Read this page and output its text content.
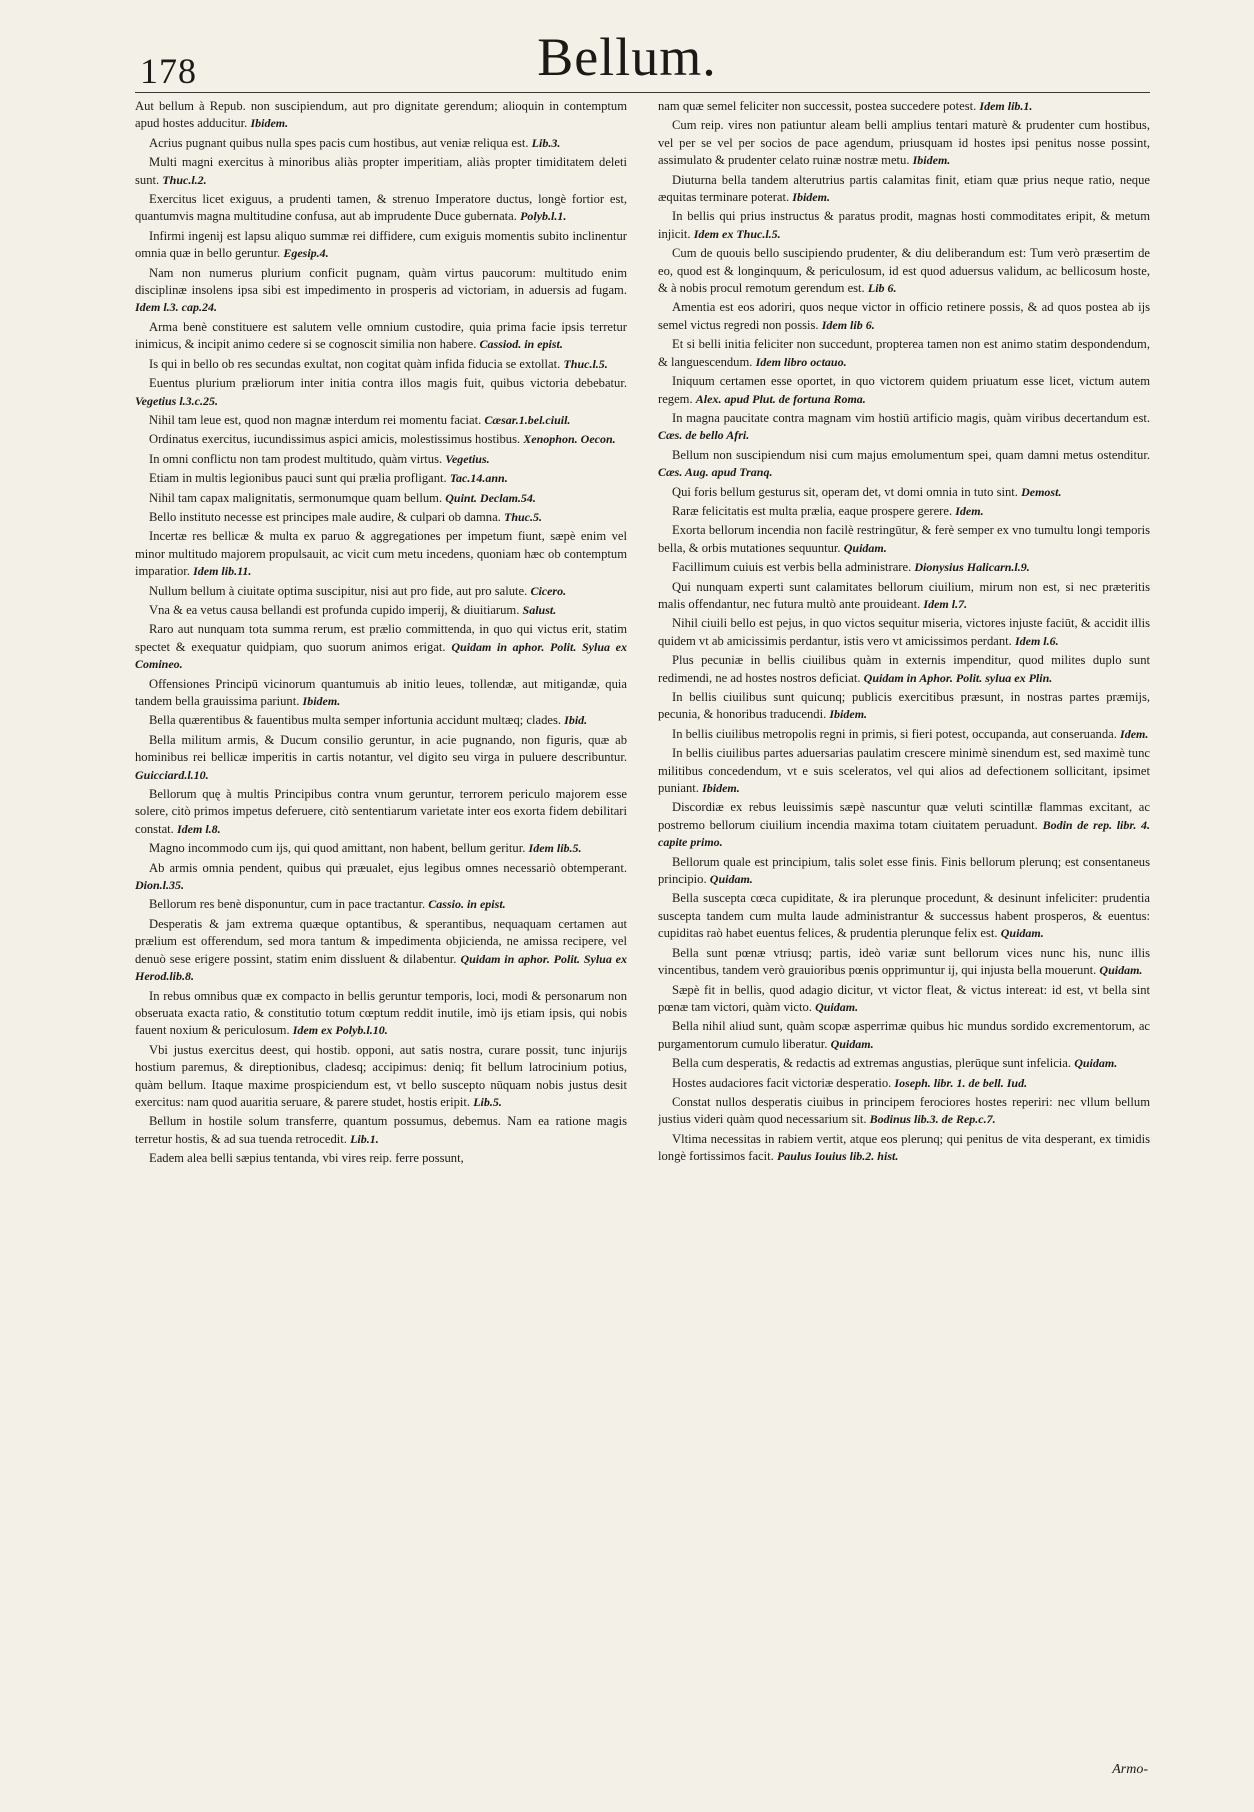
178	Bellum.

Aut bellum à Repub. non suscipiendum, aut pro dignitate gerendum; alioquin in contemptum apud hostes adducitur. Ibidem.

Acrius pugnant quibus nulla spes pacis cum hostibus, aut veniæ reliqua est. Lib.3.

Multi magni exercitus à minoribus aliàs propter imperitiam, aliàs propter timiditatem deleti sunt. Thuc.l.2.

Exercitus licet exiguus, a prudenti tamen, & strenuo Imperatore ductus, longè fortior est, quantumvis magna multitudine confusa, aut ab imprudente Duce gubernata. Polyb.l.1.

Infirmi ingenij est lapsu aliquo summæ rei diffidere, cum exiguis momentis subito inclinentur omnia quæ in bello geruntur. Egesip.4.

Nam non numerus plurium conficit pugnam, quàm virtus paucorum: multitudo enim disciplinæ insolens ipsa sibi est impedimento in prosperis ad victoriam, in aduersis ad fugam. Idem l.3. cap.24.

Arma benè constituere est salutem velle omnium custodire, quia prima facie ipsis terretur inimicus, & incipit animo cedere si se cognoscit similia non habere. Cassiod. in epist.

Is qui in bello ob res secundas exultat, non cogitat quàm infida fiducia se extollat. Thuc.l.5.

Euentus plurium præliorum inter initia contra illos magis fuit, quibus victoria debebatur. Vegetius l.3.c.25.

Nihil tam leue est, quod non magnæ interdum rei momentu faciat. Cæsar.1.bel.ciuil.

Ordinatus exercitus, iucundissimus aspici amicis, molestissimus hostibus. Xenophon. Oecon.

In omni conflictu non tam prodest multitudo, quàm virtus. Vegetius.

Etiam in multis legionibus pauci sunt qui prælia profligant. Tac.14.ann.

Nihil tam capax malignitatis, sermonumque quam bellum. Quint. Declam.54.

Bello instituto necesse est principes male audire, & culpari ob damna. Thuc.5.

Incertæ res bellicæ & multa ex paruo & aggregationes per impetum fiunt, sæpè enim vel minor multitudo majorem propulsauit, ac vicit cum metu incedens, quoniam hæc ob contemptum imparatior. Idem lib.11.

Nullum bellum à ciuitate optima suscipitur, nisi aut pro fide, aut pro salute. Cicero.

Vna & ea vetus causa bellandi est profunda cupido imperij, & diuitiarum. Salust.

Raro aut nunquam tota summa rerum, est prælio committenda, in quo qui victus erit, statim spectet & exequatur quidpiam, quo suorum animos erigat. Quidam in aphor. Polit. Sylua ex Comineo.

Offensiones Principū vicinorum quantumuis ab initio leues, tollendæ, aut mitigandæ, quia tandem bella grauissima pariunt. Ibidem.

Bella quærentibus & fauentibus multa semper infortunia accidunt multæq; clades. Ibid.

Bella militum armis, & Ducum consilio geruntur, in acie pugnando, non figuris, quæ ab hominibus rei bellicæ imperitis in cartis notantur, vel digito seu virga in puluere describuntur. Guicciard.l.10.

Bellorum quę à multis Principibus contra vnum geruntur, terrorem periculo majorem esse solere, citò primos impetus deferuere, citò sententiarum varietate inter eos exorta fidem debilitari constat. Idem l.8.

Magno incommodo cum ijs, qui quod amittant, non habent, bellum geritur. Idem lib.5.

Ab armis omnia pendent, quibus qui præualet, ejus legibus omnes necessariò obtemperant. Dion.l.35.

Bellorum res benè disponuntur, cum in pace tractantur. Cassio. in epist.

Desperatis & jam extrema quæque optantibus, & sperantibus, nequaquam certamen aut prælium est offerendum, sed mora tantum & impedimenta objicienda, ne amissa recipere, vel denuò sese erigere possint, statim enim dissluent & dilabentur. Quidam in aphor. Polit. Sylua ex Herod.lib.8.

In rebus omnibus quæ ex compacto in bellis geruntur temporis, loci, modi & personarum non obseruata exacta ratio, & constitutio totum cœptum reddit inutile, imò ijs etiam ipsis, qui nobis fauent noxium & periculosum. Idem ex Polyb.l.10.

Vbi justus exercitus deest, qui hostib. opponi, aut satis nostra, curare possit, tunc injurijs hostium paremus, & direptionibus, cladesq; accipimus: deniq; fit bellum latrocinium potius, quàm bellum. Itaque maxime prospiciendum est, vt bello suscepto nūquam nobis justus desit exercitus: nam quod auaritia seruare, & parere studet, hostis eripit. Lib.5.

Bellum in hostile solum transferre, quantum possumus, debemus. Nam ea ratione magis terretur hostis, & ad sua tuenda retrocedit. Lib.1.

Eadem alea belli sæpius tentanda, vbi vires reip. ferre possunt,

nam quæ semel feliciter non successit, postea succedere potest. Idem lib.1.

Cum reip. vires non patiuntur aleam belli amplius tentari maturè & prudenter cum hostibus, vel per se vel per socios de pace agendum, priusquam id hostes ipsi penitus nosse possint, assimulato & prudenter celato ruinæ nostræ metu. Ibidem.

Diuturna bella tandem alterutrius partis calamitas finit, etiam quæ prius neque ratio, neque æquitas terminare poterat. Ibidem.

In bellis qui prius instructus & paratus prodit, magnas hosti commoditates eripit, & metum injicit. Idem ex Thuc.l.5.

Cum de quouis bello suscipiendo prudenter, & diu deliberandum est: Tum verò præsertim de eo, quod est & longinquum, & periculosum, id est quod aduersus validum, ac bellicosum hoste, & à nobis procul remotum gerendum est. Lib 6.

Amentia est eos adoriri, quos neque victor in officio retinere possis, & ad quos postea ab ijs semel victus regredi non possis. Idem lib 6.

Et si belli initia feliciter non succedunt, propterea tamen non est animo statim despondendum, & languescendum. Idem libro octauo.

Iniquum certamen esse oportet, in quo victorem quidem priuatum esse licet, victum autem regem. Alex. apud Plut. de fortuna Roma.

In magna paucitate contra magnam vim hostiū artificio magis, quàm viribus decertandum est. Cæs. de bello Afri.

Bellum non suscipiendum nisi cum majus emolumentum spei, quam damni metus ostenditur. Cæs. Aug. apud Tranq.

Qui foris bellum gesturus sit, operam det, vt domi omnia in tuto sint. Demost.

Raræ felicitatis est multa prælia, eaque prospere gerere. Idem.

Exorta bellorum incendia non facilè restringūtur, & ferè semper ex vno tumultu longi temporis bella, & orbis mutationes sequuntur. Quidam.

Facillimum cuiuis est verbis bella administrare. Dionysius Halicarn.l.9.

Qui nunquam experti sunt calamitates bellorum ciuilium, mirum non est, si nec præteritis malis offendantur, nec futura multò ante prouideant. Idem l.7.

Nihil ciuili bello est pejus, in quo victos sequitur miseria, victores injuste faciūt, & accidit illis quidem vt ab amicissimis perdantur, istis vero vt amicissimos perdant. Idem l.6.

Plus pecuniæ in bellis ciuilibus quàm in externis impenditur, quod milites duplo sunt redimendi, ne ad hostes nostros deficiat. Quidam in Aphor. Polit. sylua ex Plin.

In bellis ciuilibus sunt quicunq; publicis exercitibus præsunt, in nostras partes præmijs, pecunia, & honoribus traducendi. Ibidem.

In bellis ciuilibus metropolis regni in primis, si fieri potest, occupanda, aut conseruanda. Idem.

In bellis ciuilibus partes aduersarias paulatim crescere minimè sinendum est, sed maximè tunc militibus concedendum, vt e suis sceleratos, vel qui alios ad defectionem sollicitant, ipsimet puniant. Ibidem.

Discordiæ ex rebus leuissimis sæpè nascuntur quæ veluti scintillæ flammas excitant, ac postremo bellorum ciuilium incendia maxima totam ciuitatem peruadunt. Bodin de rep. libr. 4. capite primo.

Bellorum quale est principium, talis solet esse finis. Finis bellorum plerunq; est consentaneus principio. Quidam.

Bella suscepta cœca cupiditate, & ira plerunque procedunt, & desinunt infeliciter: prudentia suscepta tandem cum multa laude administrantur & successus habent prosperos, & euentus: cupiditas raò habet euentus felices, & prudentia plerunque felix est. Quidam.

Bella sunt pœnæ vtriusq; partis, ideò variæ sunt bellorum vices nunc his, nunc illis vincentibus, tandem verò grauioribus pœnis opprimuntur ij, qui injusta bella mouerunt. Quidam.

Sæpè fit in bellis, quod adagio dicitur, vt victor fleat, & victus intereat: id est, vt bella sint pœnæ tam victori, quàm victo. Quidam.

Bella nihil aliud sunt, quàm scopæ asperrimæ quibus hic mundus sordido excrementorum, ac purgamentorum cumulo liberatur. Quidam.

Bella cum desperatis, & redactis ad extremas angustias, plerūque sunt infelicia. Quidam.

Hostes audaciores facit victoriæ desperatio. Ioseph. libr. 1. de bell. Iud.

Constat nullos desperatis ciuibus in principem ferociores hostes reperiri: nec vllum bellum justius videri quàm quod necessarium sit. Bodinus lib.3. de Rep.c.7.

Vltima necessitas in rabiem vertit, atque eos plerunq; qui penitus de vita desperant, ex timidis longè fortissimos facit. Paulus Iouius lib.2. hist.

Armo-
